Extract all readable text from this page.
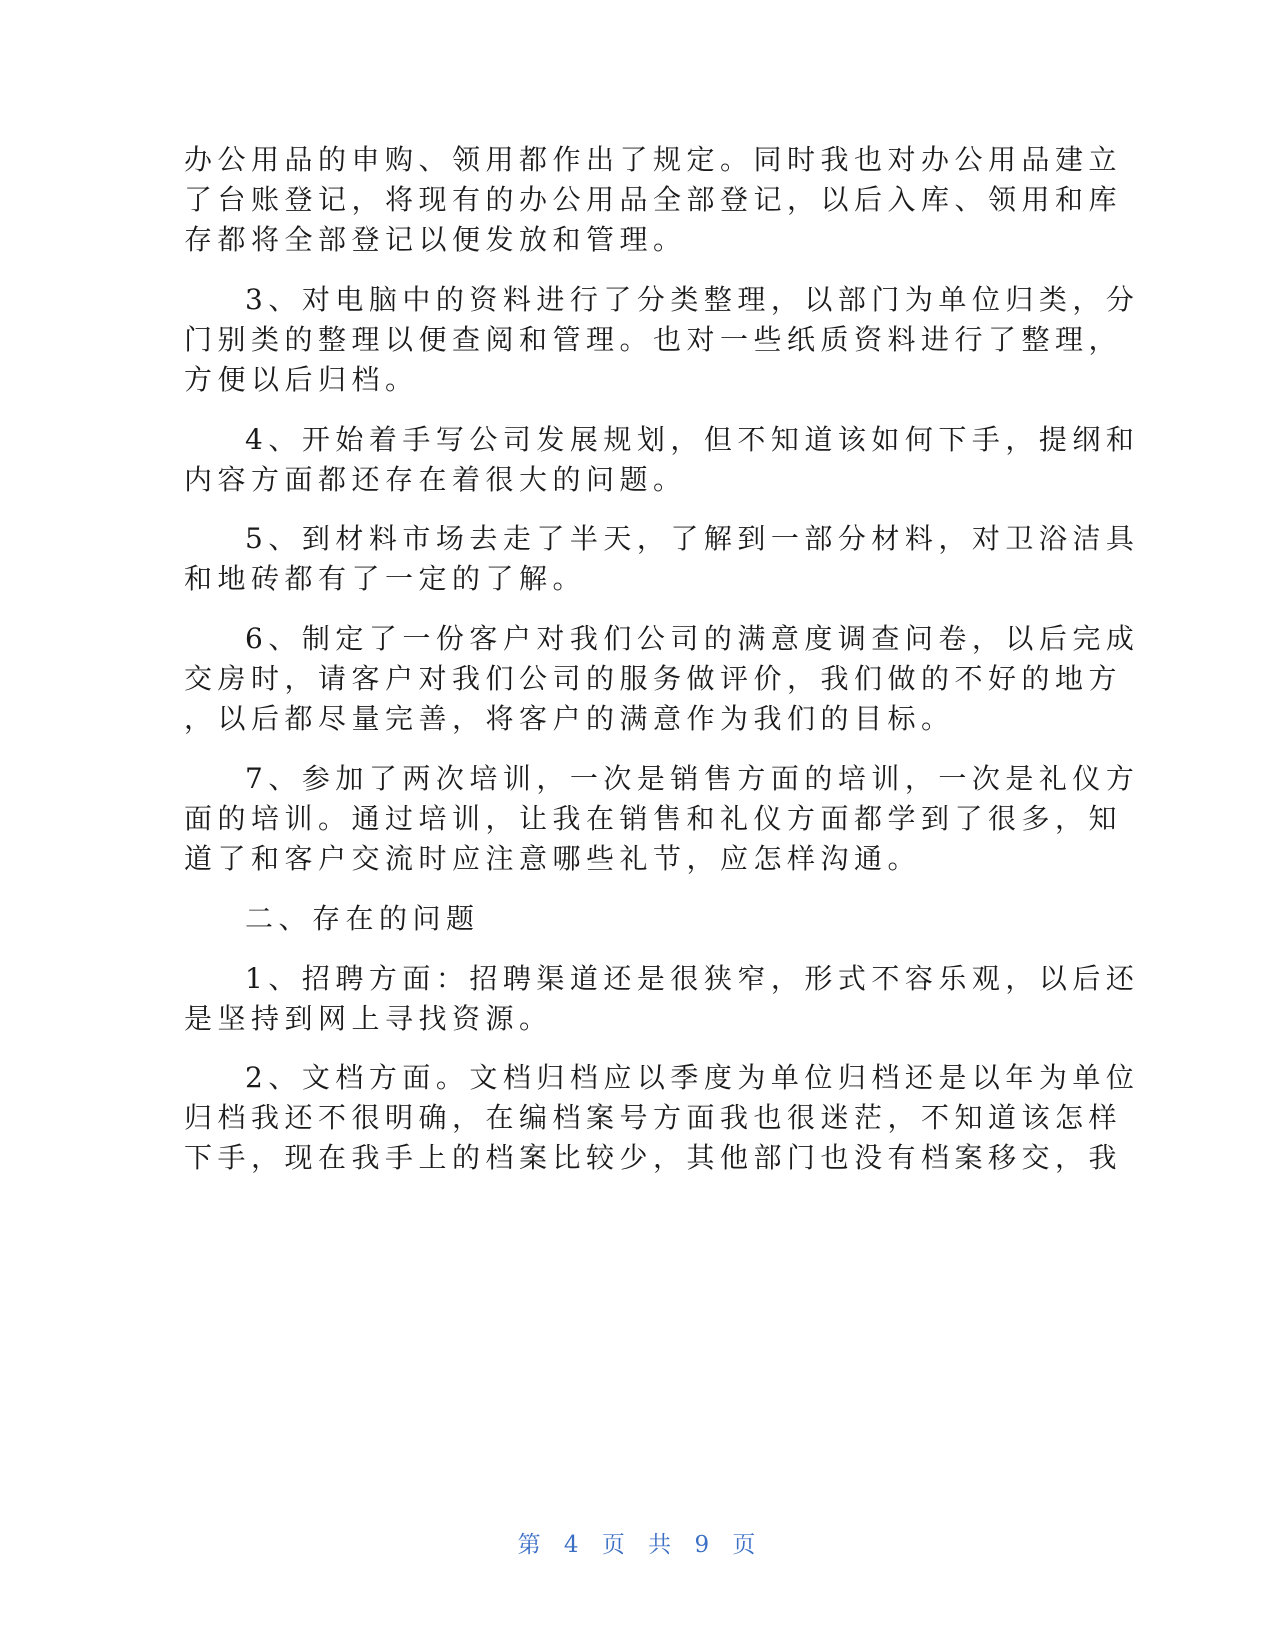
办公用品的申购、领用都作出了规定。同时我也对办公用品建立

了台账登记，将现有的办公用品全部登记，以后入库、领用和库

存都将全部登记以便发放和管理。

3、对电脑中的资料进行了分类整理，以部门为单位归类，分

门别类的整理以便查阅和管理。也对一些纸质资料进行了整理，

方便以后归档。

4、开始着手写公司发展规划，但不知道该如何下手，提纲和

内容方面都还存在着很大的问题。

5、到材料市场去走了半天，了解到一部分材料，对卫浴洁具

和地砖都有了一定的了解。

6、制定了一份客户对我们公司的满意度调查问卷，以后完成

交房时，请客户对我们公司的服务做评价，我们做的不好的地方

，以后都尽量完善，将客户的满意作为我们的目标。

7、参加了两次培训，一次是销售方面的培训，一次是礼仪方

面的培训。通过培训，让我在销售和礼仪方面都学到了很多，知

道了和客户交流时应注意哪些礼节，应怎样沟通。

二、存在的问题

1、招聘方面：招聘渠道还是很狭窄，形式不容乐观，以后还

是坚持到网上寻找资源。

2、文档方面。文档归档应以季度为单位归档还是以年为单位

归档我还不很明确，在编档案号方面我也很迷茫，不知道该怎样

下手，现在我手上的档案比较少，其他部门也没有档案移交，我

第 4 页 共 9 页
